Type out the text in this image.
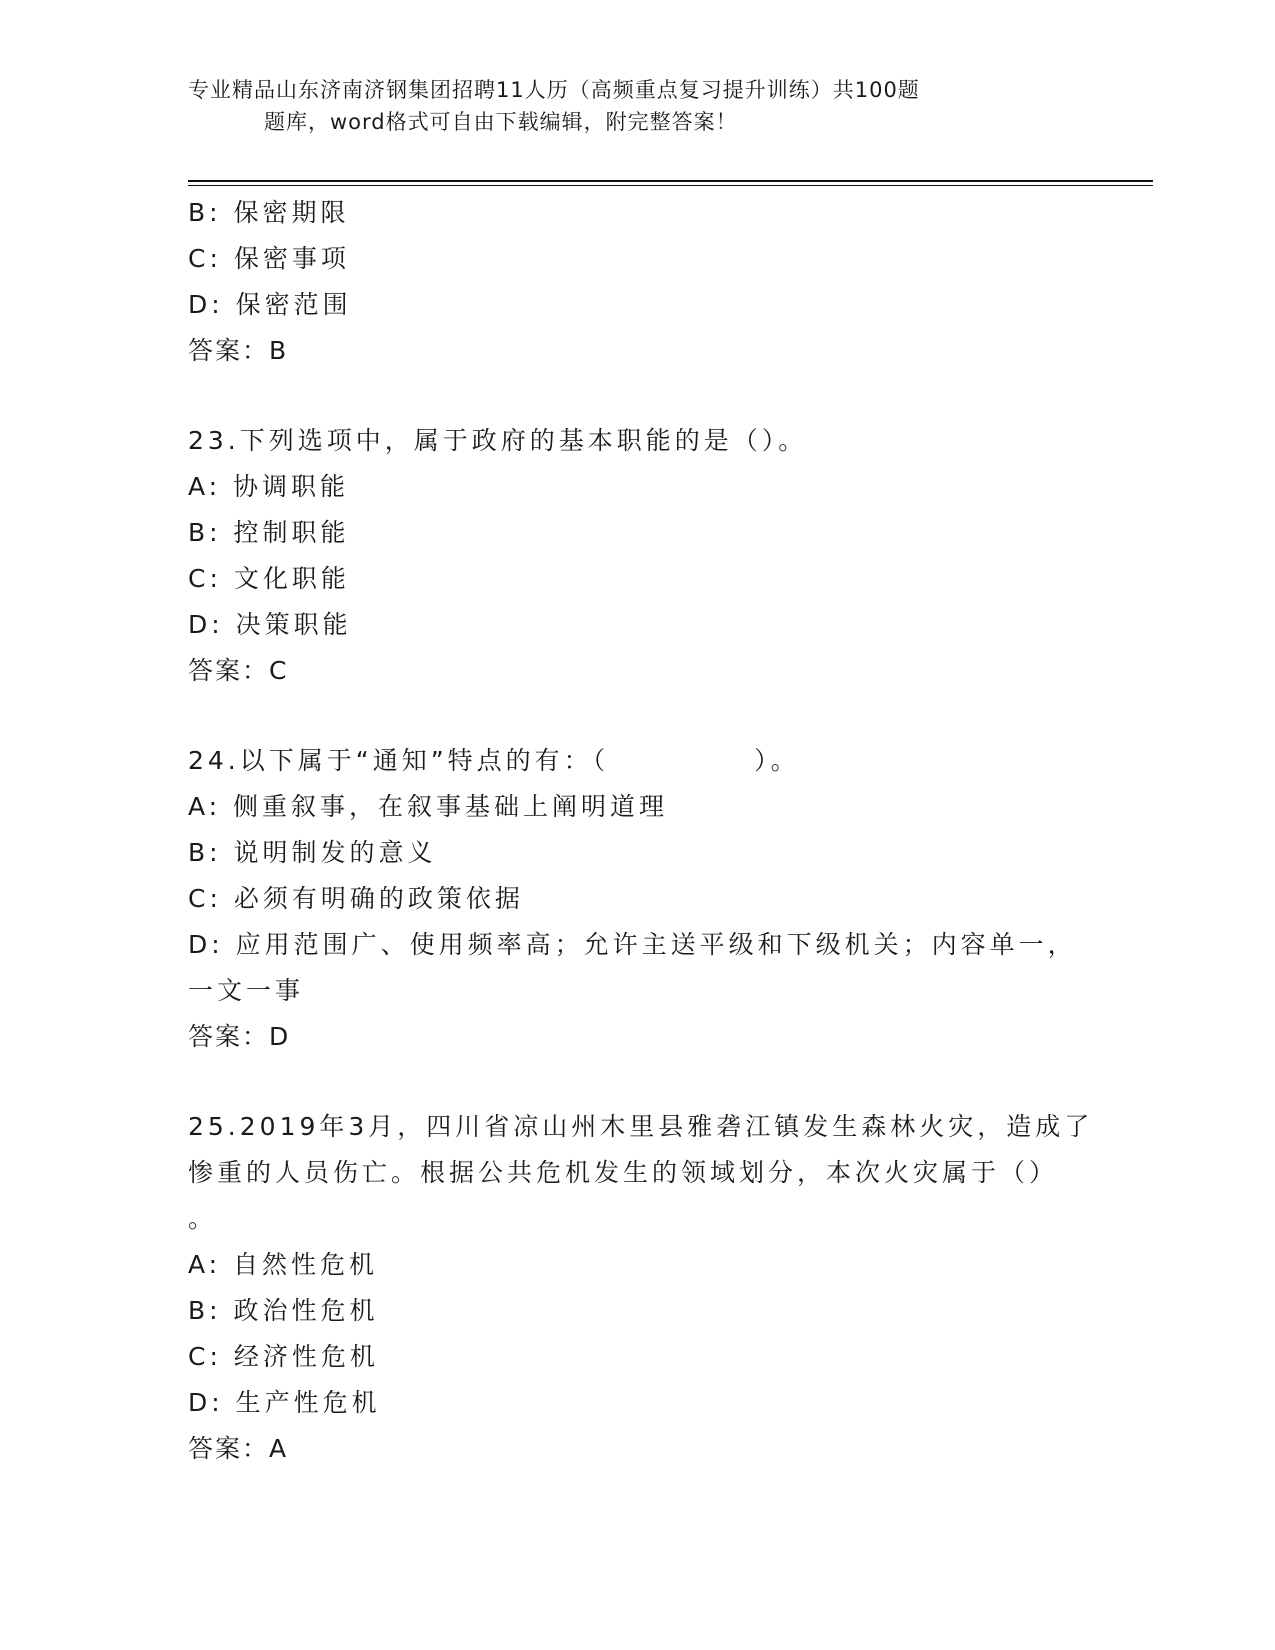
专业精品山东济南济钢集团招聘11人历（高频重点复习提升训练）共100题
题库，word格式可自由下载编辑，附完整答案！
B: 保密期限
C: 保密事项
D: 保密范围
答案：B
23.下列选项中，属于政府的基本职能的是（）。
A: 协调职能
B: 控制职能
C: 文化职能
D: 决策职能
答案：C
24.以下属于“通知”特点的有：（　　　　　）。
A: 侧重叙事，在叙事基础上阐明道理
B: 说明制发的意义
C: 必须有明确的政策依据
D: 应用范围广、使用频率高；允许主送平级和下级机关；内容单一，
一文一事
答案：D
25.2019年3月，四川省凉山州木里县雅砻江镇发生森林火灾，造成了
惨重的人员伤亡。根据公共危机发生的领域划分，本次火灾属于（）
。
A: 自然性危机
B: 政治性危机
C: 经济性危机
D: 生产性危机
答案：A
